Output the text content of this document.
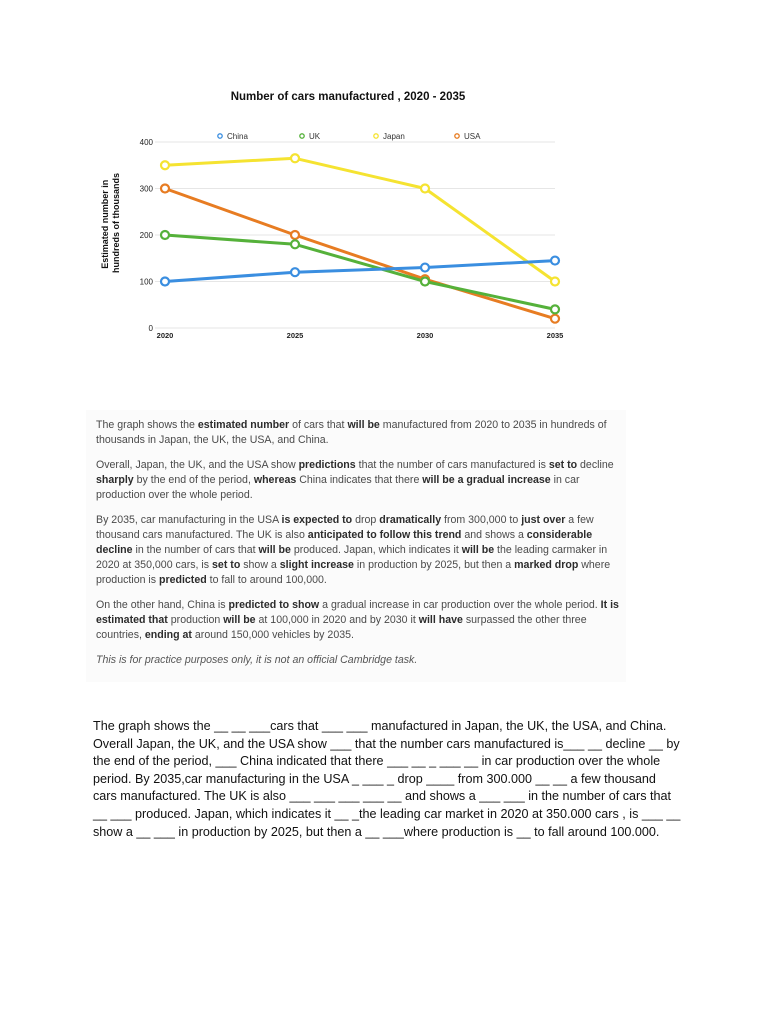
Number of cars manufactured , 2020 - 2035
0
100
200
300
400
2020	2025	2030	2035
Estimated number in hundreds of thousands
China	UK	Japan	USA

The graph shows the estimated number of cars that will be manufactured from 2020 to 2035 in hundreds of thousands in Japan, the UK, the USA, and China.

Overall, Japan, the UK, and the USA show predictions that the number of cars manufactured is set to decline sharply by the end of the period, whereas China indicates that there will be a gradual increase in car production over the whole period.

By 2035, car manufacturing in the USA is expected to drop dramatically from 300,000 to just over a few thousand cars manufactured. The UK is also anticipated to follow this trend and shows a considerable decline in the number of cars that will be produced. Japan, which indicates it will be the leading carmaker in 2020 at 350,000 cars, is set to show a slight increase in production by 2025, but then a marked drop where production is predicted to fall to around 100,000.

On the other hand, China is predicted to show a gradual increase in car production over the whole period. It is estimated that production will be at 100,000 in 2020 and by 2030 it will have surpassed the other three countries, ending at around 150,000 vehicles by 2035.

This is for practice purposes only, it is not an official Cambridge task.

The graph shows the __ __ ___cars that ___ ___ manufactured in Japan, the UK, the USA, and China. Overall Japan, the UK, and the USA show ___ that the number cars manufactured is___ __ decline __ by the end of the period, ___ China indicated that there ___ __ _ ___ __ in car production over the whole period. By 2035,car manufacturing in the USA _ ___ _ drop ____ from 300.000 __ __ a few thousand cars manufactured. The UK is also ___ ___ ___ ___ __ and shows a ___ ___ in the number of cars that __ ___ produced. Japan, which indicates it __ _the leading car market in 2020 at 350.000 cars , is ___ __ show a __ ___ in production by 2025, but then a __ ___where production is __ to fall around 100.000.
